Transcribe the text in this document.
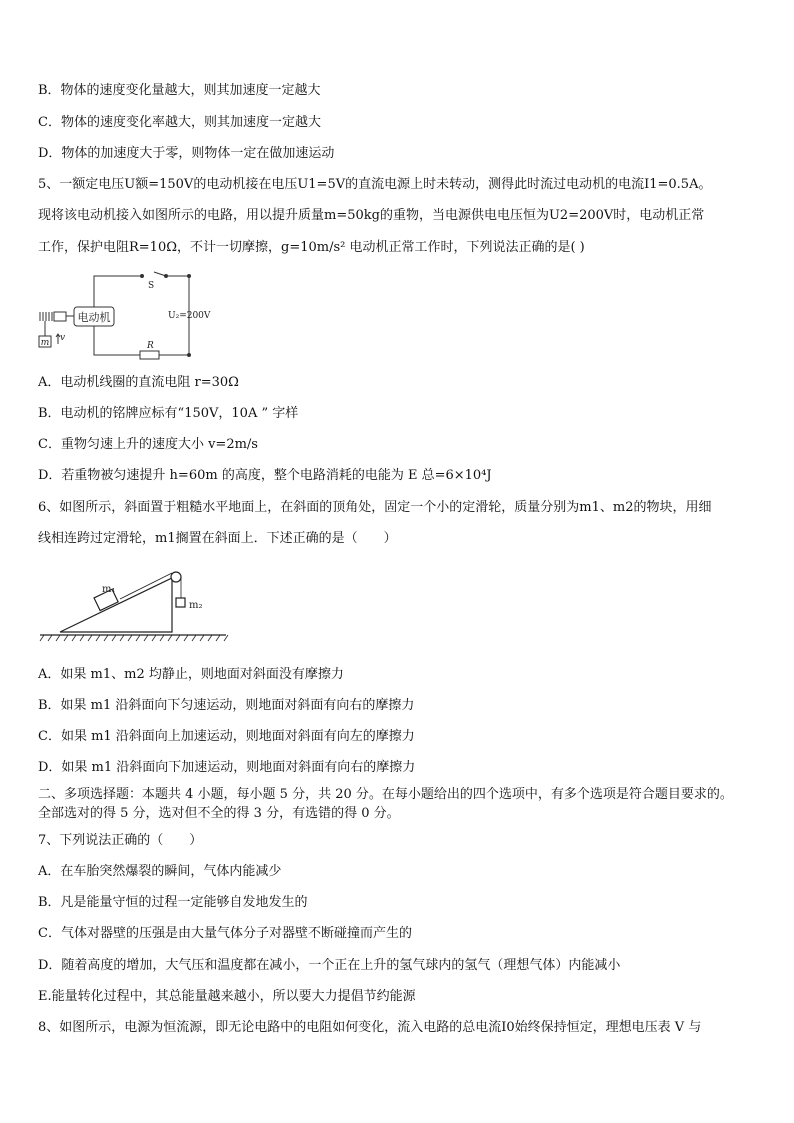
B．物体的速度变化量越大，则其加速度一定越大
C．物体的速度变化率越大，则其加速度一定越大
D．物体的加速度大于零，则物体一定在做加速运动
5、一额定电压U额=150V的电动机接在电压U1=5V的直流电源上时未转动，测得此时流过电动机的电流I1=0.5A。
现将该电动机接入如图所示的电路，用以提升质量m=50kg的重物，当电源供电电压恒为U2=200V时，电动机正常
工作，保护电阻R=10Ω，不计一切摩擦，g=10m/s² 电动机正常工作时，下列说法正确的是( )
电动机
S
U₂=200V
R
m v
A．电动机线圈的直流电阻 r=30Ω
B．电动机的铭牌应标有“150V，10A ” 字样
C．重物匀速上升的速度大小 v=2m/s
D．若重物被匀速提升 h=60m 的高度，整个电路消耗的电能为 E 总=6×10⁴J
6、如图所示，斜面置于粗糙水平地面上，在斜面的顶角处，固定一个小的定滑轮，质量分别为m1、m2的物块，用细
线相连跨过定滑轮，m1搁置在斜面上．下述正确的是（　　）
m₁
m₂
A．如果 m1、m2 均静止，则地面对斜面没有摩擦力
B．如果 m1 沿斜面向下匀速运动，则地面对斜面有向右的摩擦力
C．如果 m1 沿斜面向上加速运动，则地面对斜面有向左的摩擦力
D．如果 m1 沿斜面向下加速运动，则地面对斜面有向右的摩擦力
二、多项选择题：本题共 4 小题，每小题 5 分，共 20 分。在每小题给出的四个选项中，有多个选项是符合题目要求的。
全部选对的得 5 分，选对但不全的得 3 分，有选错的得 0 分。
7、下列说法正确的（　　）
A．在车胎突然爆裂的瞬间，气体内能减少
B．凡是能量守恒的过程一定能够自发地发生的
C．气体对器壁的压强是由大量气体分子对器壁不断碰撞而产生的
D．随着高度的增加，大气压和温度都在减小，一个正在上升的氢气球内的氢气（理想气体）内能减小
E.能量转化过程中，其总能量越来越小，所以要大力提倡节约能源
8、如图所示，电源为恒流源，即无论电路中的电阻如何变化，流入电路的总电流I0始终保持恒定，理想电压表 V 与
